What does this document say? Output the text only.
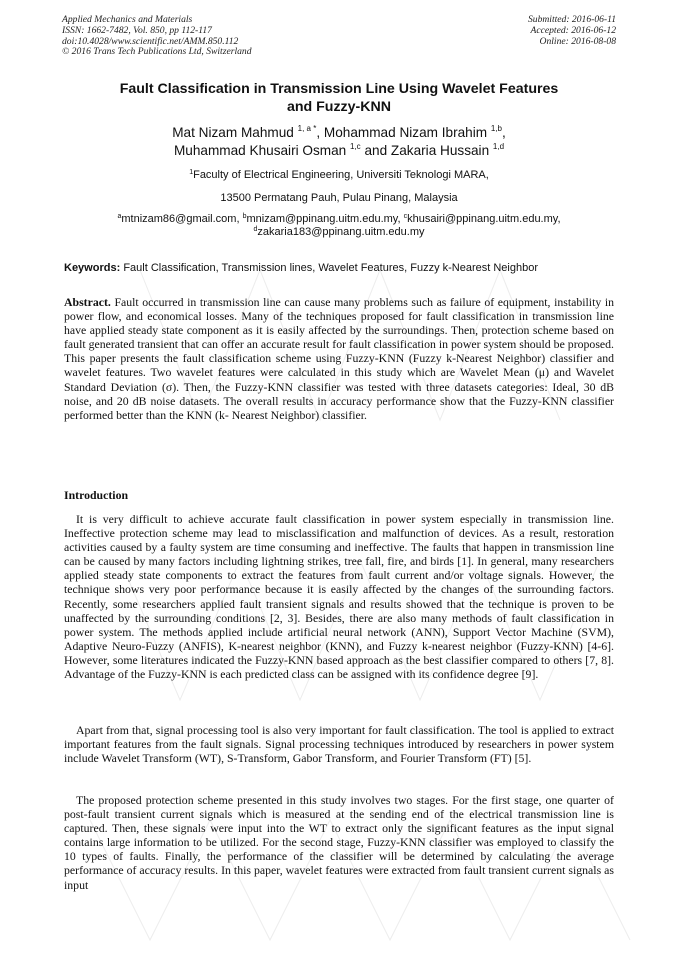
Applied Mechanics and Materials
ISSN: 1662-7482, Vol. 850, pp 112-117
doi:10.4028/www.scientific.net/AMM.850.112
© 2016 Trans Tech Publications Ltd, Switzerland
Submitted: 2016-06-11
Accepted: 2016-06-12
Online: 2016-08-08
Fault Classification in Transmission Line Using Wavelet Features
and Fuzzy-KNN
Mat Nizam Mahmud $^{1, a *}$, Mohammad Nizam Ibrahim $^{1,b}$,
Muhammad Khusairi Osman $^{1,c}$ and Zakaria Hussain $^{1,d}$
$^1$Faculty of Electrical Engineering, Universiti Teknologi MARA,
13500 Permatang Pauh, Pulau Pinang, Malaysia
$^a$mtnizam86@gmail.com, $^b$mnizam@ppinang.uitm.edu.my, $^c$khusairi@ppinang.uitm.edu.my,
$^d$zakaria183@ppinang.uitm.edu.my
Keywords: Fault Classification, Transmission lines, Wavelet Features, Fuzzy k-Nearest Neighbor
Abstract. Fault occurred in transmission line can cause many problems such as failure of equipment, instability in power flow, and economical losses. Many of the techniques proposed for fault classification in transmission line have applied steady state component as it is easily affected by the surroundings. Then, protection scheme based on fault generated transient that can offer an accurate result for fault classification in power system should be proposed. This paper presents the fault classification scheme using Fuzzy-KNN (Fuzzy k-Nearest Neighbor) classifier and wavelet features. Two wavelet features were calculated in this study which are Wavelet Mean (μ) and Wavelet Standard Deviation (σ). Then, the Fuzzy-KNN classifier was tested with three datasets categories: Ideal, 30 dB noise, and 20 dB noise datasets. The overall results in accuracy performance show that the Fuzzy-KNN classifier performed better than the KNN (k- Nearest Neighbor) classifier.
Introduction
It is very difficult to achieve accurate fault classification in power system especially in transmission line. Ineffective protection scheme may lead to misclassification and malfunction of devices. As a result, restoration activities caused by a faulty system are time consuming and ineffective. The faults that happen in transmission line can be caused by many factors including lightning strikes, tree fall, fire, and birds [1]. In general, many researchers applied steady state components to extract the features from fault current and/or voltage signals. However, the technique shows very poor performance because it is easily affected by the changes of the surrounding factors. Recently, some researchers applied fault transient signals and results showed that the technique is proven to be unaffected by the surrounding conditions [2, 3]. Besides, there are also many methods of fault classification in power system. The methods applied include artificial neural network (ANN), Support Vector Machine (SVM), Adaptive Neuro-Fuzzy (ANFIS), K-nearest neighbor (KNN), and Fuzzy k-nearest neighbor (Fuzzy-KNN) [4-6]. However, some literatures indicated the Fuzzy-KNN based approach as the best classifier compared to others [7, 8]. Advantage of the Fuzzy-KNN is each predicted class can be assigned with its confidence degree [9].
Apart from that, signal processing tool is also very important for fault classification. The tool is applied to extract important features from the fault signals. Signal processing techniques introduced by researchers in power system include Wavelet Transform (WT), S-Transform, Gabor Transform, and Fourier Transform (FT) [5].
The proposed protection scheme presented in this study involves two stages. For the first stage, one quarter of post-fault transient current signals which is measured at the sending end of the electrical transmission line is captured. Then, these signals were input into the WT to extract only the significant features as the input signal contains large information to be utilized. For the second stage, Fuzzy-KNN classifier was employed to classify the 10 types of faults. Finally, the performance of the classifier will be determined by calculating the average performance of accuracy results. In this paper, wavelet features were extracted from fault transient current signals as input
